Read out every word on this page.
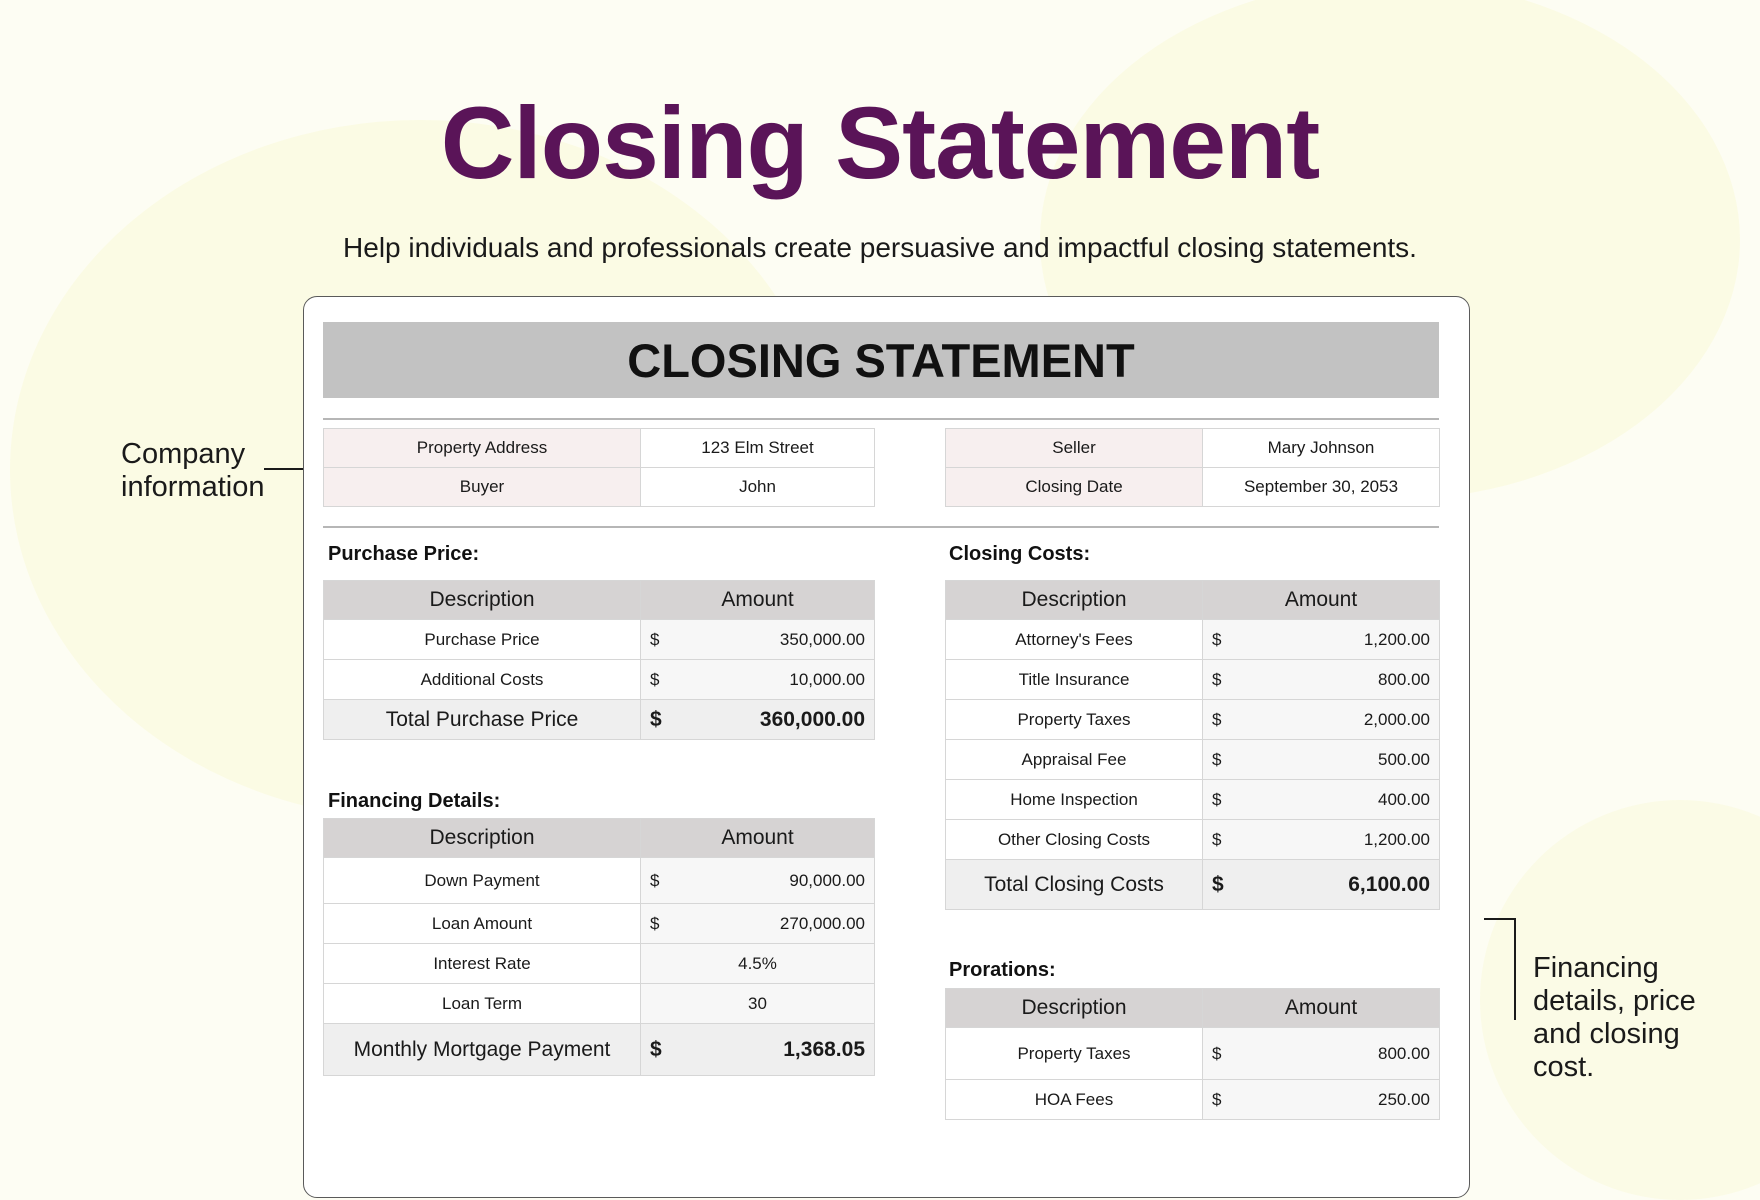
Closing Statement
Help individuals and professionals create persuasive and impactful closing statements.
Company
information
Financing
details, price
and closing
cost.
CLOSING STATEMENT
Property Address	123 Elm Street
Buyer	John
Seller	Mary Johnson
Closing Date	September 30, 2053
Purchase Price:
Description	Amount
Purchase Price	$ 350,000.00

Additional Costs	$ 10,000.00

Total Purchase Price	$ 360,000.00
Financing Details:
Description	Amount
Down Payment	$ 90,000.00

Loan Amount	$ 270,000.00

Interest Rate	4.5%
Loan Term	30
Monthly Mortgage Payment	$ 1,368.05
Closing Costs:
Description	Amount
Attorney's Fees	$ 1,200.00

Title Insurance	$ 800.00

Property Taxes	$ 2,000.00

Appraisal Fee	$ 500.00

Home Inspection	$ 400.00

Other Closing Costs	$ 1,200.00

Total Closing Costs	$ 6,100.00
Prorations:
Description	Amount
Property Taxes	$ 800.00

HOA Fees	$ 250.00
